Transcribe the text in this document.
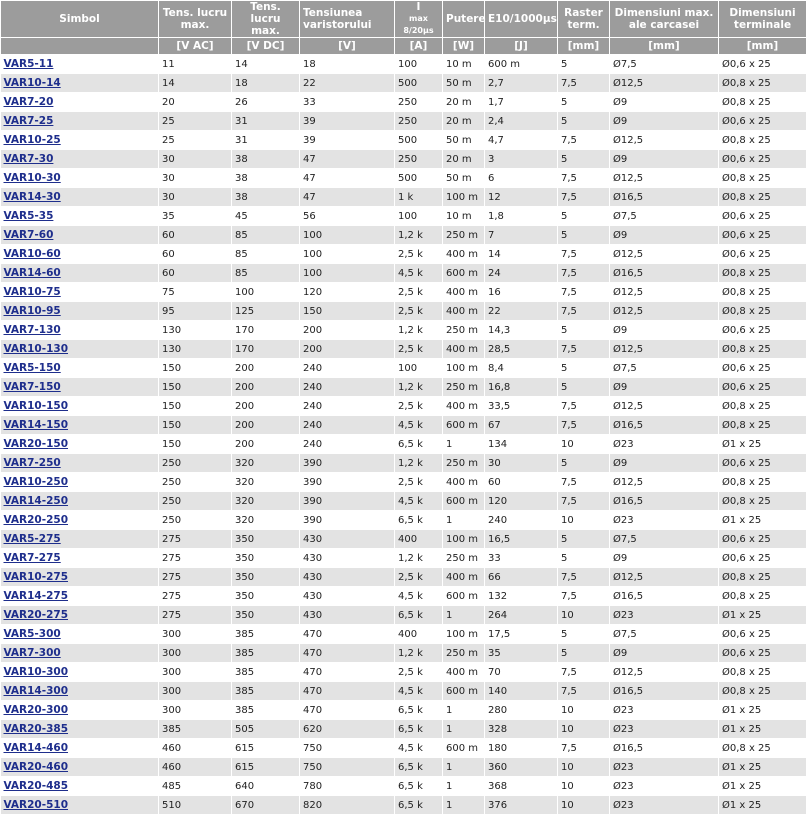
Simbol	Tens. lucru max.	Tens. lucru max.	Tensiunea varistorului	I
max 8/20µs	Putere	E10/1000µs	Raster term.	Dimensiuni max. ale carcasei	Dimensiuni terminale
	[V AC]	[V DC]	[V]	[A]	[W]	[J]	[mm]	[mm]	[mm]
VAR5-11	11	14	18	100	10 m	600 m	5	Ø7,5	Ø0,6 x 25
VAR10-14	14	18	22	500	50 m	2,7	7,5	Ø12,5	Ø0,8 x 25
VAR7-20	20	26	33	250	20 m	1,7	5	Ø9	Ø0,8 x 25
VAR7-25	25	31	39	250	20 m	2,4	5	Ø9	Ø0,6 x 25
VAR10-25	25	31	39	500	50 m	4,7	7,5	Ø12,5	Ø0,8 x 25
VAR7-30	30	38	47	250	20 m	3	5	Ø9	Ø0,6 x 25
VAR10-30	30	38	47	500	50 m	6	7,5	Ø12,5	Ø0,8 x 25
VAR14-30	30	38	47	1 k	100 m	12	7,5	Ø16,5	Ø0,8 x 25
VAR5-35	35	45	56	100	10 m	1,8	5	Ø7,5	Ø0,6 x 25
VAR7-60	60	85	100	1,2 k	250 m	7	5	Ø9	Ø0,6 x 25
VAR10-60	60	85	100	2,5 k	400 m	14	7,5	Ø12,5	Ø0,6 x 25
VAR14-60	60	85	100	4,5 k	600 m	24	7,5	Ø16,5	Ø0,8 x 25
VAR10-75	75	100	120	2,5 k	400 m	16	7,5	Ø12,5	Ø0,8 x 25
VAR10-95	95	125	150	2,5 k	400 m	22	7,5	Ø12,5	Ø0,8 x 25
VAR7-130	130	170	200	1,2 k	250 m	14,3	5	Ø9	Ø0,6 x 25
VAR10-130	130	170	200	2,5 k	400 m	28,5	7,5	Ø12,5	Ø0,8 x 25
VAR5-150	150	200	240	100	100 m	8,4	5	Ø7,5	Ø0,6 x 25
VAR7-150	150	200	240	1,2 k	250 m	16,8	5	Ø9	Ø0,6 x 25
VAR10-150	150	200	240	2,5 k	400 m	33,5	7,5	Ø12,5	Ø0,8 x 25
VAR14-150	150	200	240	4,5 k	600 m	67	7,5	Ø16,5	Ø0,8 x 25
VAR20-150	150	200	240	6,5 k	1	134	10	Ø23	Ø1 x 25
VAR7-250	250	320	390	1,2 k	250 m	30	5	Ø9	Ø0,6 x 25
VAR10-250	250	320	390	2,5 k	400 m	60	7,5	Ø12,5	Ø0,8 x 25
VAR14-250	250	320	390	4,5 k	600 m	120	7,5	Ø16,5	Ø0,8 x 25
VAR20-250	250	320	390	6,5 k	1	240	10	Ø23	Ø1 x 25
VAR5-275	275	350	430	400	100 m	16,5	5	Ø7,5	Ø0,6 x 25
VAR7-275	275	350	430	1,2 k	250 m	33	5	Ø9	Ø0,6 x 25
VAR10-275	275	350	430	2,5 k	400 m	66	7,5	Ø12,5	Ø0,8 x 25
VAR14-275	275	350	430	4,5 k	600 m	132	7,5	Ø16,5	Ø0,8 x 25
VAR20-275	275	350	430	6,5 k	1	264	10	Ø23	Ø1 x 25
VAR5-300	300	385	470	400	100 m	17,5	5	Ø7,5	Ø0,6 x 25
VAR7-300	300	385	470	1,2 k	250 m	35	5	Ø9	Ø0,6 x 25
VAR10-300	300	385	470	2,5 k	400 m	70	7,5	Ø12,5	Ø0,8 x 25
VAR14-300	300	385	470	4,5 k	600 m	140	7,5	Ø16,5	Ø0,8 x 25
VAR20-300	300	385	470	6,5 k	1	280	10	Ø23	Ø1 x 25
VAR20-385	385	505	620	6,5 k	1	328	10	Ø23	Ø1 x 25
VAR14-460	460	615	750	4,5 k	600 m	180	7,5	Ø16,5	Ø0,8 x 25
VAR20-460	460	615	750	6,5 k	1	360	10	Ø23	Ø1 x 25
VAR20-485	485	640	780	6,5 k	1	368	10	Ø23	Ø1 x 25
VAR20-510	510	670	820	6,5 k	1	376	10	Ø23	Ø1 x 25
